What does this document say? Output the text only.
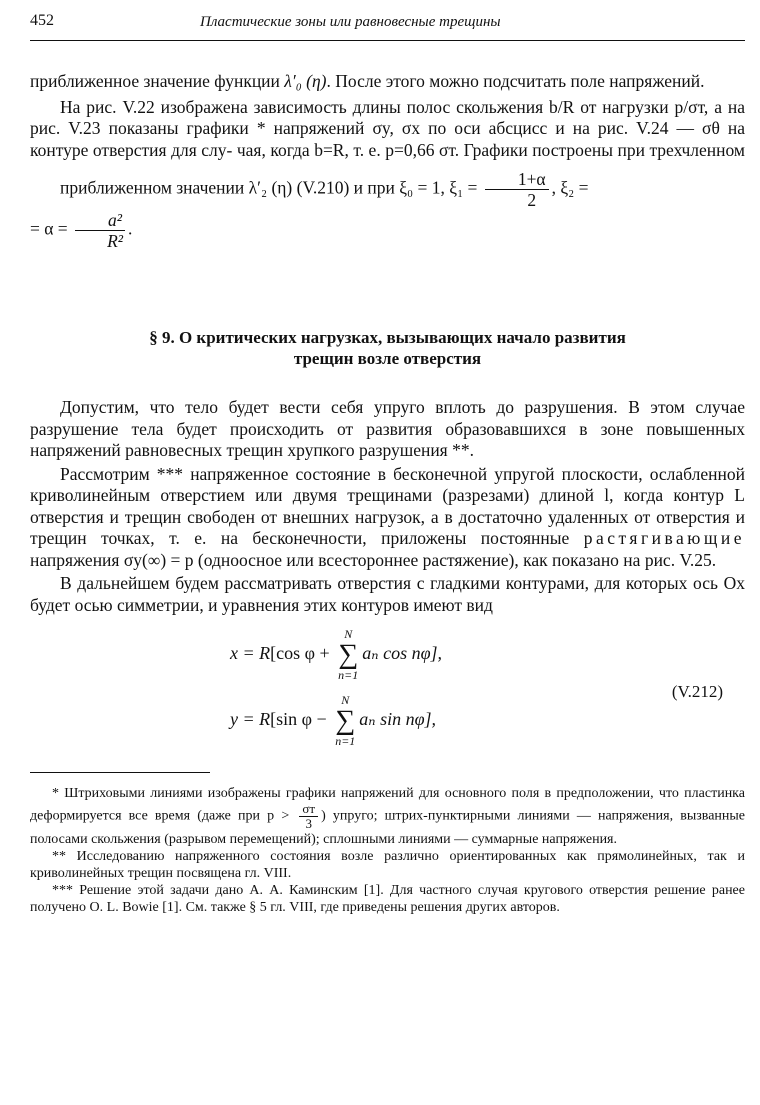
452	Пластические зоны или равновесные трещины

приближенное значение функции λ′₀ (η). После этого можно подсчитать поле напряжений.

На рис. V.22 изображена зависимость длины полос скольжения b/R от нагрузки p/σт, а на рис. V.23 показаны графики * напряжений σy, σx по оси абсцисс и на рис. V.24 — σθ на контуре отверстия для слу- чая, когда b=R, т. е. p=0,66 σт. Графики построены при трехчленном приближенном значении λ′₂ (η) (V.210) и при ξ₀ = 1, $\xi_1 = \frac{1+\alpha}{2}$ , ξ₂ =
= $\alpha = \frac{\text{a²}}{\text{R²}}$ .

§ 9. О критических нагрузках, вызывающих начало развития
трещин возле отверстия

Допустим, что тело будет вести себя упруго вплоть до разрушения. В этом случае разрушение тела будет происходить от развития образовавшихся в зоне повышенных напряжений равновесных трещин хрупкого разрушения **.

Рассмотрим *** напряженное состояние в бесконечной упругой плоскости, ослабленной криволинейным отверстием или двумя трещинами (разрезами) длиной l, когда контур L отверстия и трещин свободен от внешних нагрузок, а в достаточно удаленных от отверстия и трещин точках, т. е. на бесконечности, приложены постоянные растягивающие напряжения σy(∞) = p (одноосное или всестороннее растяжение), как показано на рис. V.25.

В дальнейшем будем рассматривать отверстия с гладкими контурами, для которых ось Ox будет осью симметрии, и уравнения этих контуров имеют вид

x = R[cos φ +
N
∑
n=1
aₙ cos nφ],
y = R[sin φ −
N
∑
n=1
aₙ sin nφ],
(V.212)

* Штриховыми линиями изображены графики напряжений для основного поля в предположении, что пластинка деформируется все время (даже при $p > \frac{\sigma т}{3}$ ) упруго; штрих-пунктирными линиями — напряжения, вызванные полосами скольжения (разрывом перемещений); сплошными линиями — суммарные напряжения.

** Исследованию напряженного состояния возле различно ориентированных как прямолинейных, так и криволинейных трещин посвящена гл. VIII.

*** Решение этой задачи дано А. А. Каминским [1]. Для частного случая кругового отверстия решение ранее получено O. L. Bowie [1]. См. также § 5 гл. VIII, где приведены решения других авторов.
